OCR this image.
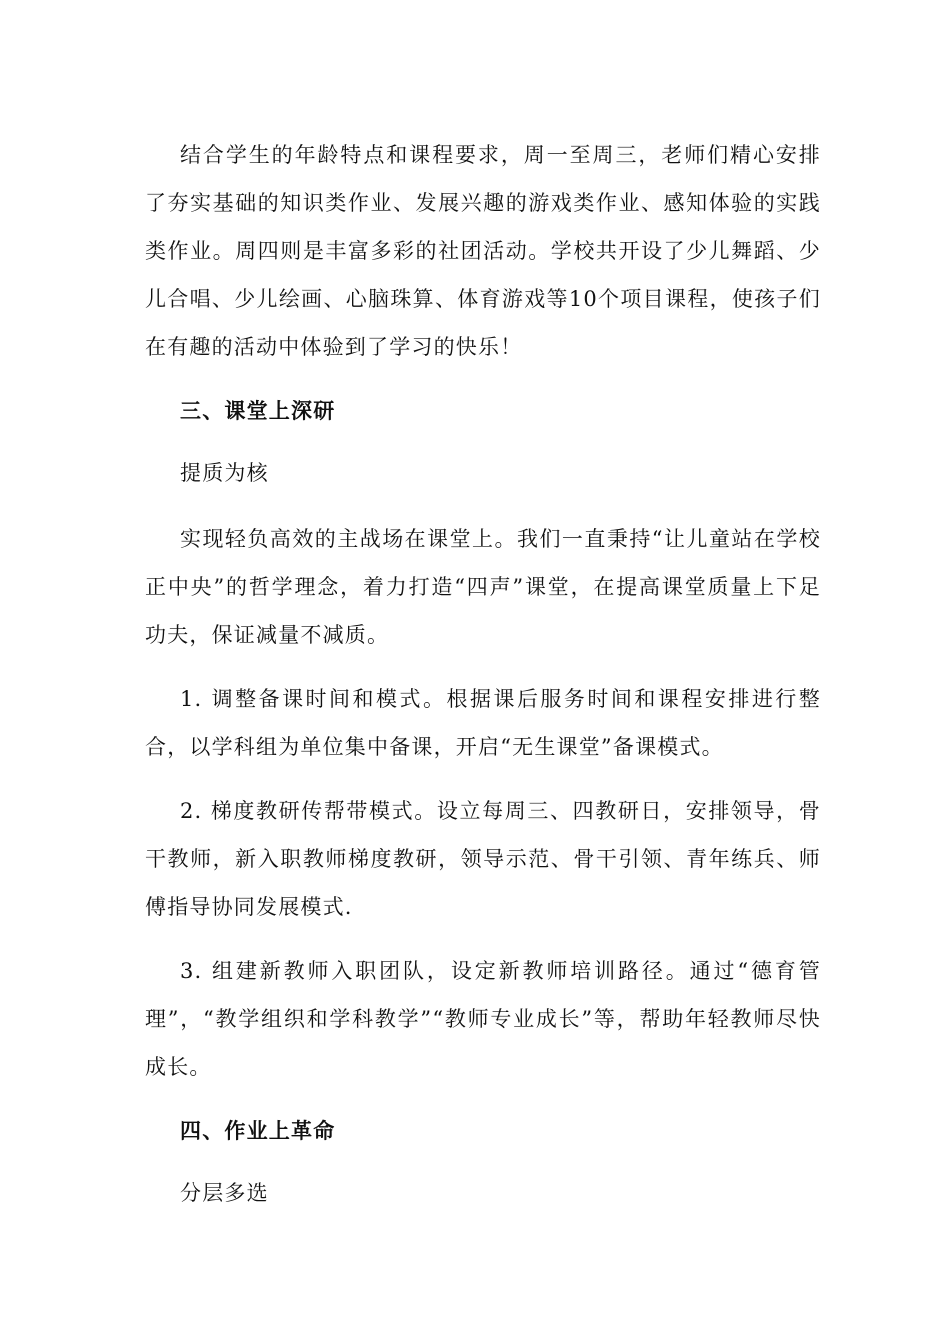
结合学生的年龄特点和课程要求，周一至周三，老师们精心安排了夯实基础的知识类作业、发展兴趣的游戏类作业、感知体验的实践类作业。周四则是丰富多彩的社团活动。学校共开设了少儿舞蹈、少儿合唱、少儿绘画、心脑珠算、体育游戏等10个项目课程，使孩子们在有趣的活动中体验到了学习的快乐！

三、课堂上深研

提质为核

实现轻负高效的主战场在课堂上。我们一直秉持“让儿童站在学校正中央”的哲学理念，着力打造“四声”课堂，在提高课堂质量上下足功夫，保证减量不减质。

1. 调整备课时间和模式。根据课后服务时间和课程安排进行整合，以学科组为单位集中备课，开启“无生课堂”备课模式。

2. 梯度教研传帮带模式。设立每周三、四教研日，安排领导，骨干教师，新入职教师梯度教研，领导示范、骨干引领、青年练兵、师傅指导协同发展模式.

3. 组建新教师入职团队，设定新教师培训路径。通过“德育管理”，“教学组织和学科教学”“教师专业成长”等，帮助年轻教师尽快成长。

四、作业上革命

分层多选
